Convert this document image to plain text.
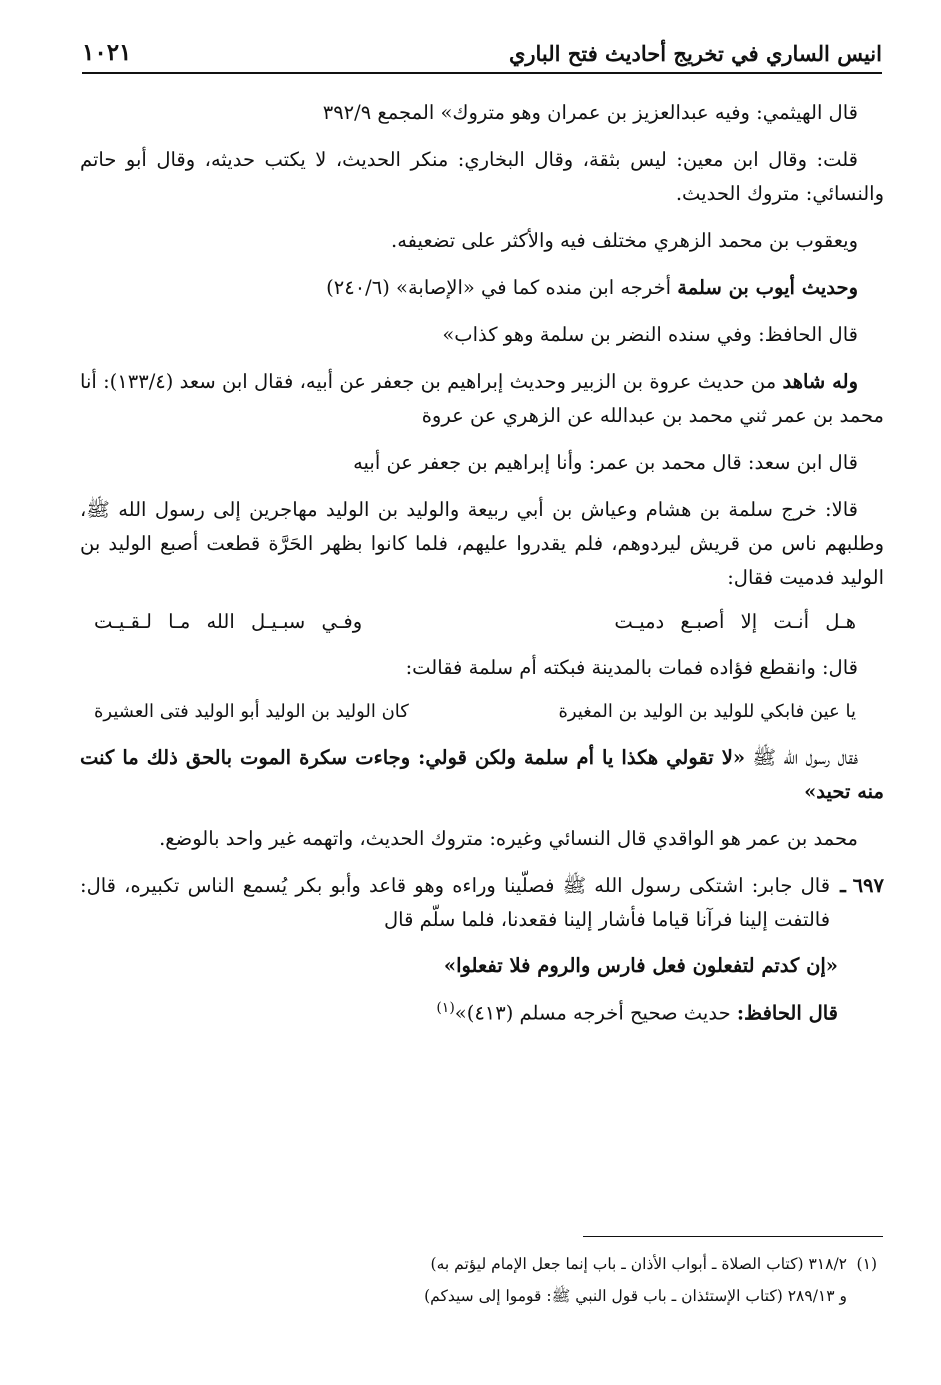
انيس الساري في تخريج أحاديث فتح الباري
١٠٢١

قال الهيثمي: وفيه عبدالعزيز بن عمران وهو متروك» المجمع ٣٩٢/٩

قلت: وقال ابن معين: ليس بثقة، وقال البخاري: منكر الحديث، لا يكتب حديثه، وقال أبو حاتم والنسائي: متروك الحديث.

ويعقوب بن محمد الزهري مختلف فيه والأكثر على تضعيفه.

وحديث أيوب بن سلمة أخرجه ابن منده كما في «الإصابة» (٢٤٠/٦)

قال الحافظ: وفي سنده النضر بن سلمة وهو كذاب»

وله شاهد من حديث عروة بن الزبير وحديث إبراهيم بن جعفر عن أبيه، فقال ابن سعد (١٣٣/٤): أنا محمد بن عمر ثني محمد بن عبدالله عن الزهري عن عروة

قال ابن سعد: قال محمد بن عمر: وأنا إبراهيم بن جعفر عن أبيه

قالا: خرج سلمة بن هشام وعياش بن أبي ربيعة والوليد بن الوليد مهاجرين إلى رسول الله ﷺ، وطلبهم ناس من قريش ليردوهم، فلم يقدروا عليهم، فلما كانوا بظهر الحَرَّة قطعت أصبع الوليد بن الوليد فدميت فقال:

هـل أنـت إلا أصبـع دميـت
وفـي سبـيـل الله مـا لـقـيـت

قال: وانقطع فؤاده فمات بالمدينة فبكته أم سلمة فقالت:

يا عين فابكي للوليد بن الوليد بن المغيرة
كان الوليد بن الوليد أبو الوليد فتى العشيرة

فقال رسول الله ﷺ «لا تقولي هكذا يا أم سلمة ولكن قولي: وجاءت سكرة الموت بالحق ذلك ما كنت منه تحيد»

محمد بن عمر هو الواقدي قال النسائي وغيره: متروك الحديث، واتهمه غير واحد بالوضع.

٦٩٧ ـ
قال جابر: اشتكى رسول الله ﷺ فصلّينا وراءه وهو قاعد وأبو بكر يُسمع الناس تكبيره، قال: فالتفت إلينا فرآنا قياما فأشار إلينا فقعدنا، فلما سلّم قال

«إن كدتم لتفعلون فعل فارس والروم فلا تفعلوا»

قال الحافظ: حديث صحيح أخرجه مسلم (٤١٣)»$^{(١)}$

(١)٣١٨/٢ (كتاب الصلاة ـ أبواب الأذان ـ باب إنما جعل الإمام ليؤتم به)

و ٢٨٩/١٣ (كتاب الإستئذان ـ باب قول النبي ﷺ: قوموا إلى سيدكم)
